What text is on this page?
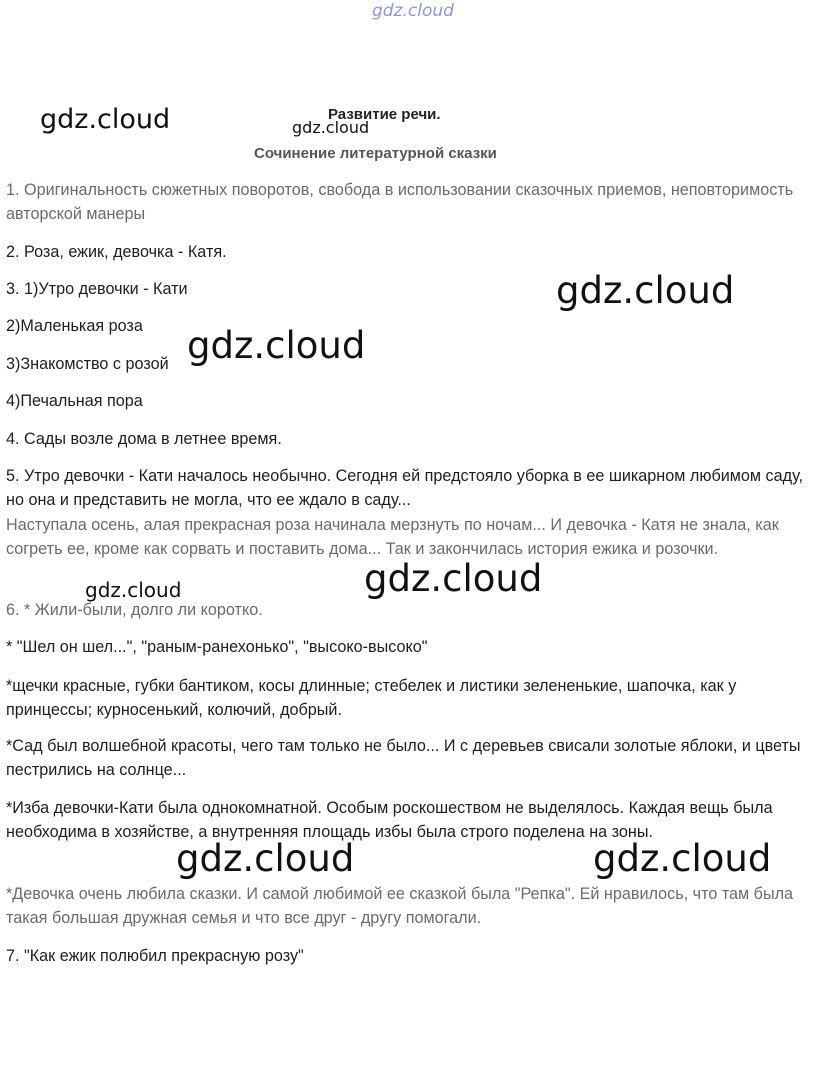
gdz.cloud
Развитие речи.
Сочинение литературной сказки

1. Оригинальность сюжетных поворотов, свобода в использовании сказочных приемов, неповторимость авторской манеры

2. Роза, ежик, девочка - Катя.

3. 1)Утро девочки - Кати

2)Маленькая роза

3)Знакомство с розой

4)Печальная пора

4. Сады возле дома в летнее время.

5. Утро девочки - Кати началось необычно. Сегодня ей предстояло уборка в ее шикарном любимом саду, но она и представить не могла, что ее ждало в саду...

Наступала осень, алая прекрасная роза начинала мерзнуть по ночам... И девочка - Катя не знала, как согреть ее, кроме как сорвать и поставить дома... Так и закончилась история ежика и розочки.

6. * Жили-были, долго ли коротко.

* "Шел он шел...", "раным-ранехонько", "высоко-высоко"

*щечки красные, губки бантиком, косы длинные; стебелек и листики зелененькие, шапочка, как у принцессы; курносенький, колючий, добрый.

*Сад был волшебной красоты, чего там только не было... И с деревьев свисали золотые яблоки, и цветы пестрились на солнце...

*Изба девочки-Кати была однокомнатной. Особым роскошеством не выделялось. Каждая вещь была необходима в хозяйстве, а внутренняя площадь избы была строго поделена на зоны.

*Девочка очень любила сказки. И самой любимой ее сказкой была "Репка". Ей нравилось, что там была такая большая дружная семья и что все друг - другу помогали.

7. "Как ежик полюбил прекрасную розу"

gdz.cloud	gdz.cloud
gdz.cloud
gdz.cloud
gdz.cloud
gdz.cloud
gdz.cloud	gdz.cloud
